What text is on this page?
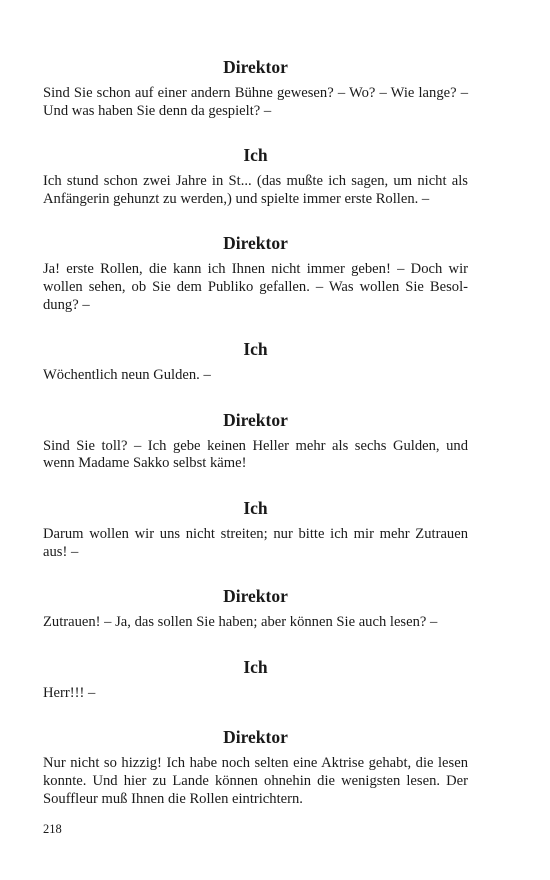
Direktor
Sind Sie schon auf einer andern Bühne gewesen? – Wo? – Wie lange? – Und was haben Sie denn da gespielt? –
Ich
Ich stund schon zwei Jahre in St... (das mußte ich sagen, um nicht als Anfängerin gehunzt zu werden,) und spielte immer erste Rollen. –
Direktor
Ja! erste Rollen, die kann ich Ihnen nicht immer geben! – Doch wir wollen sehen, ob Sie dem Publiko gefallen. – Was wollen Sie Besoldung? –
Ich
Wöchentlich neun Gulden. –
Direktor
Sind Sie toll? – Ich gebe keinen Heller mehr als sechs Gulden, und wenn Madame Sakko selbst käme!
Ich
Darum wollen wir uns nicht streiten; nur bitte ich mir mehr Zutrauen aus! –
Direktor
Zutrauen! – Ja, das sollen Sie haben; aber können Sie auch lesen? –
Ich
Herr!!! –
Direktor
Nur nicht so hizzig! Ich habe noch selten eine Aktrise gehabt, die lesen konnte. Und hier zu Lande können ohnehin die wenigsten lesen. Der Souffleur muß Ihnen die Rollen eintrichtern.
218
